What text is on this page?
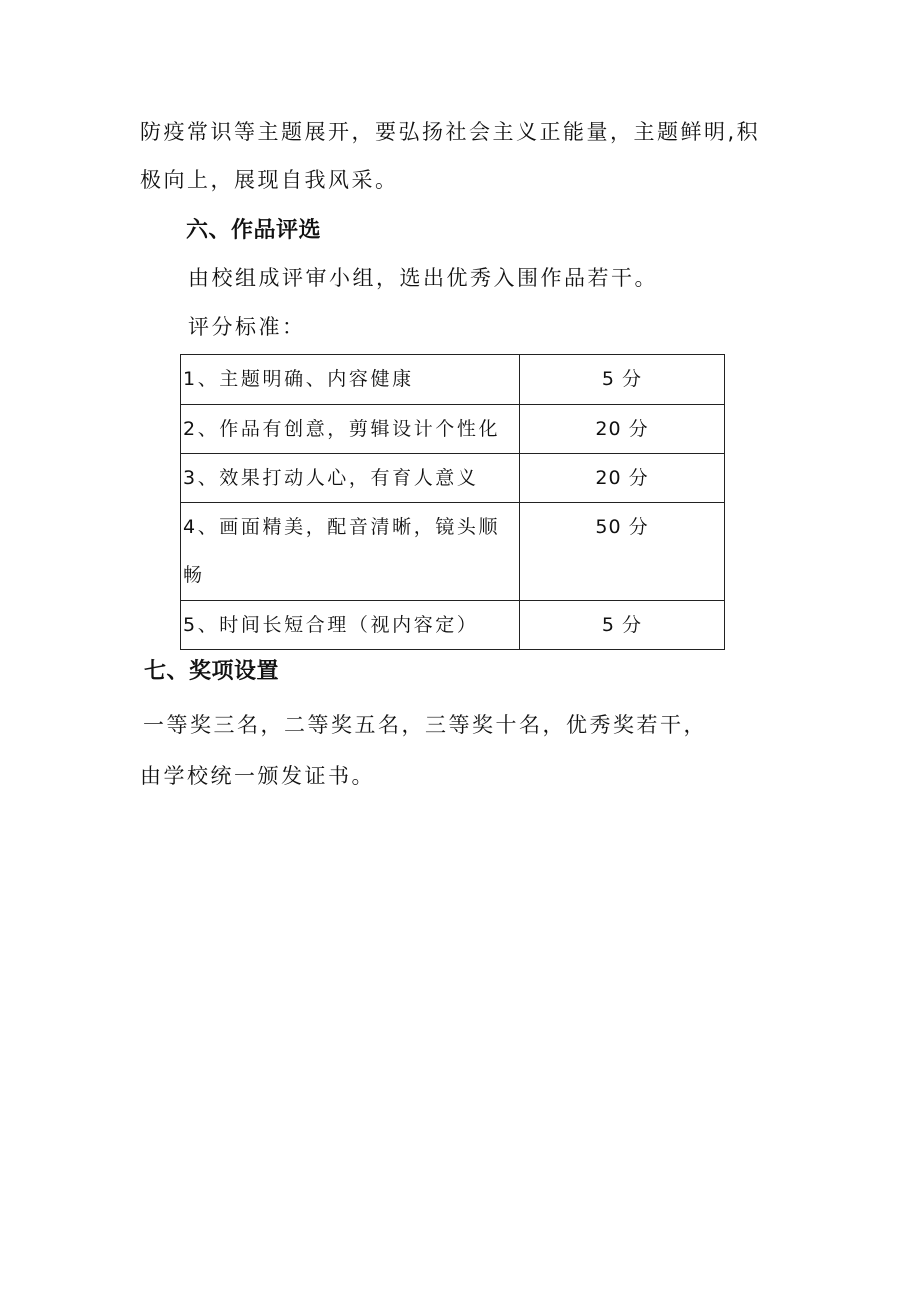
防疫常识等主题展开，要弘扬社会主义正能量，主题鲜明,积
极向上，展现自我风采。
六、作品评选
由校组成评审小组，选出优秀入围作品若干。
评分标准：
1、主题明确、内容健康	5 分
2、作品有创意，剪辑设计个性化	20 分
3、效果打动人心，有育人意义	20 分
4、画面精美，配音清晰，镜头顺畅	50 分
5、时间长短合理（视内容定）	5 分
七、奖项设置
一等奖三名，二等奖五名，三等奖十名，优秀奖若干，
由学校统一颁发证书。
